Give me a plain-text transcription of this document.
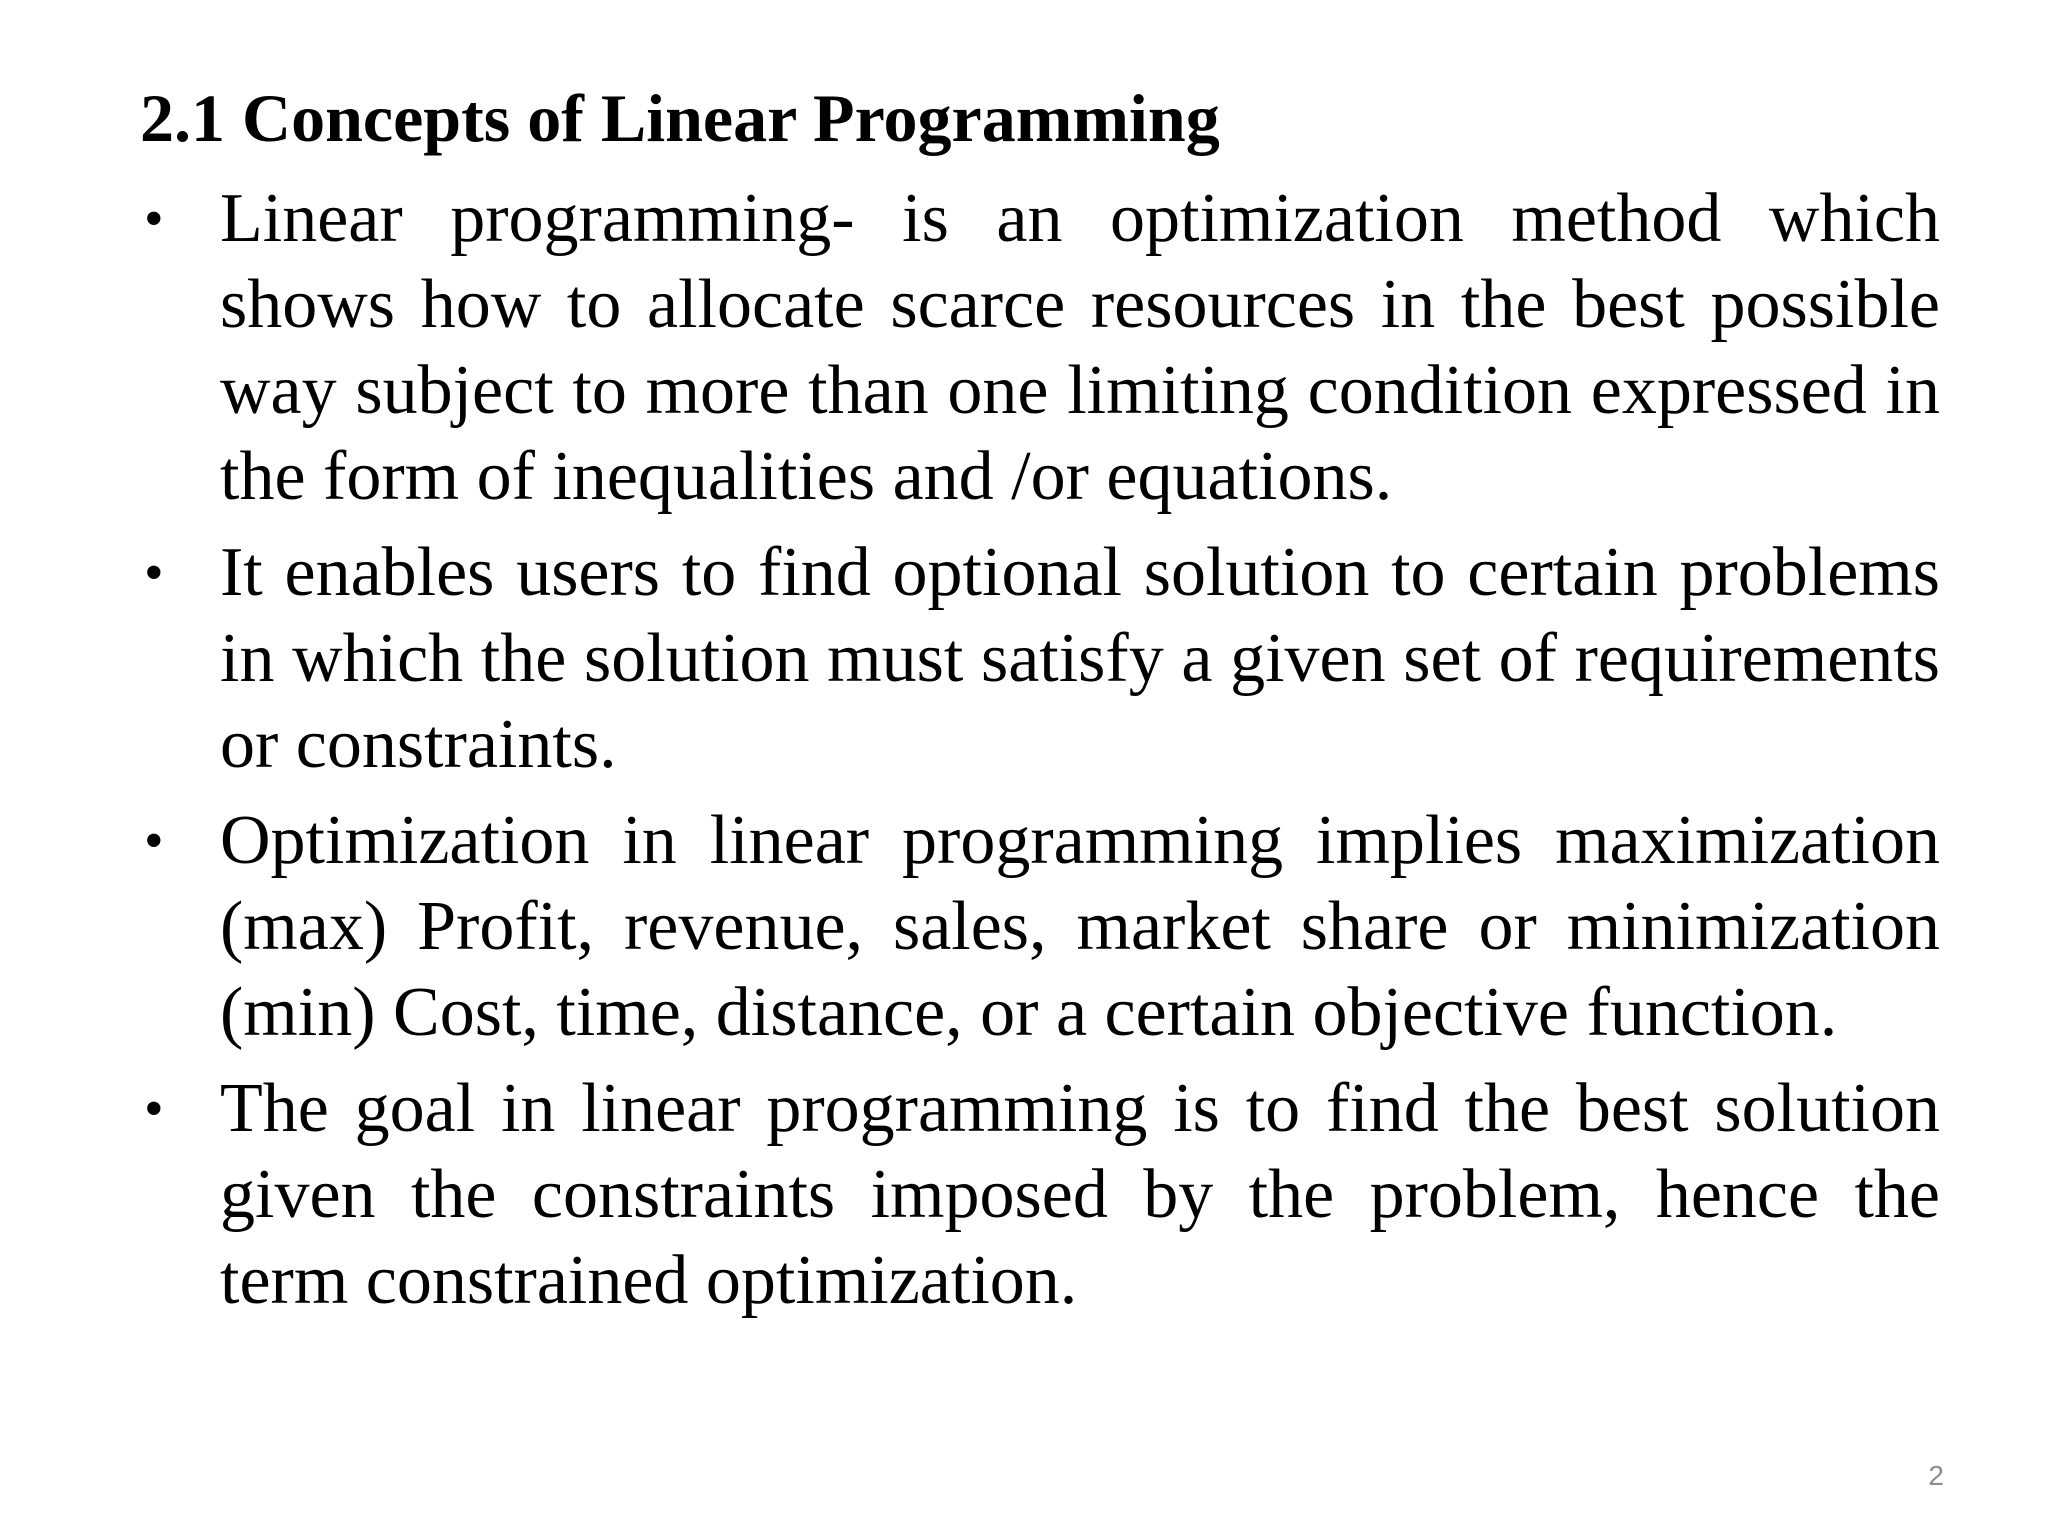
2.1 Concepts of Linear Programming
• Linear programming- is an optimization method which shows how to allocate scarce resources in the best possible way subject to more than one limiting condition expressed in the form of inequalities and /or equations.
• It enables users to find optional solution to certain problems in which the solution must satisfy a given set of requirements or constraints.
• Optimization in linear programming implies maximization (max) Profit, revenue, sales, market share or minimization (min) Cost, time, distance, or a certain objective function.
• The goal in linear programming is to find the best solution given the constraints imposed by the problem, hence the term constrained optimization.
2
